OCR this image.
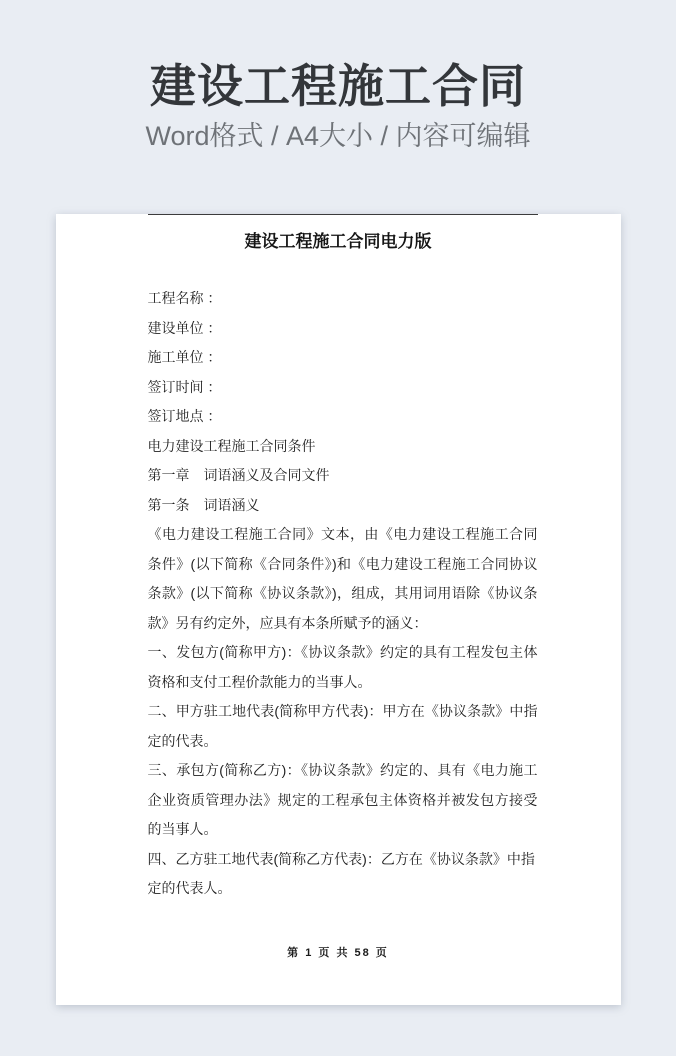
建设工程施工合同
Word格式 / A4大小 / 内容可编辑
建设工程施工合同电力版

工程名称 ：

建设单位 ：

施工单位 ：

签订时间 ：

签订地点 ：

电力建设工程施工合同条件

第一章　词语涵义及合同文件

第一条　词语涵义

《电力建设工程施工合同》文本，由《电力建设工程施工合同条件》(以下简称《合同条件》)和《电力建设工程施工合同协议条款》(以下简称《协议条款》)，组成，其用词用语除《协议条款》另有约定外，应具有本条所赋予的涵义：

一、发包方(简称甲方)：《协议条款》约定的具有工程发包主体资格和支付工程价款能力的当事人。

二、甲方驻工地代表(简称甲方代表)：甲方在《协议条款》中指定的代表。

三、承包方(简称乙方)：《协议条款》约定的、具有《电力施工企业资质管理办法》规定的工程承包主体资格并被发包方接受的当事人。

四、乙方驻工地代表(简称乙方代表)：乙方在《协议条款》中指定的代表人。

第 1 页 共 58 页
